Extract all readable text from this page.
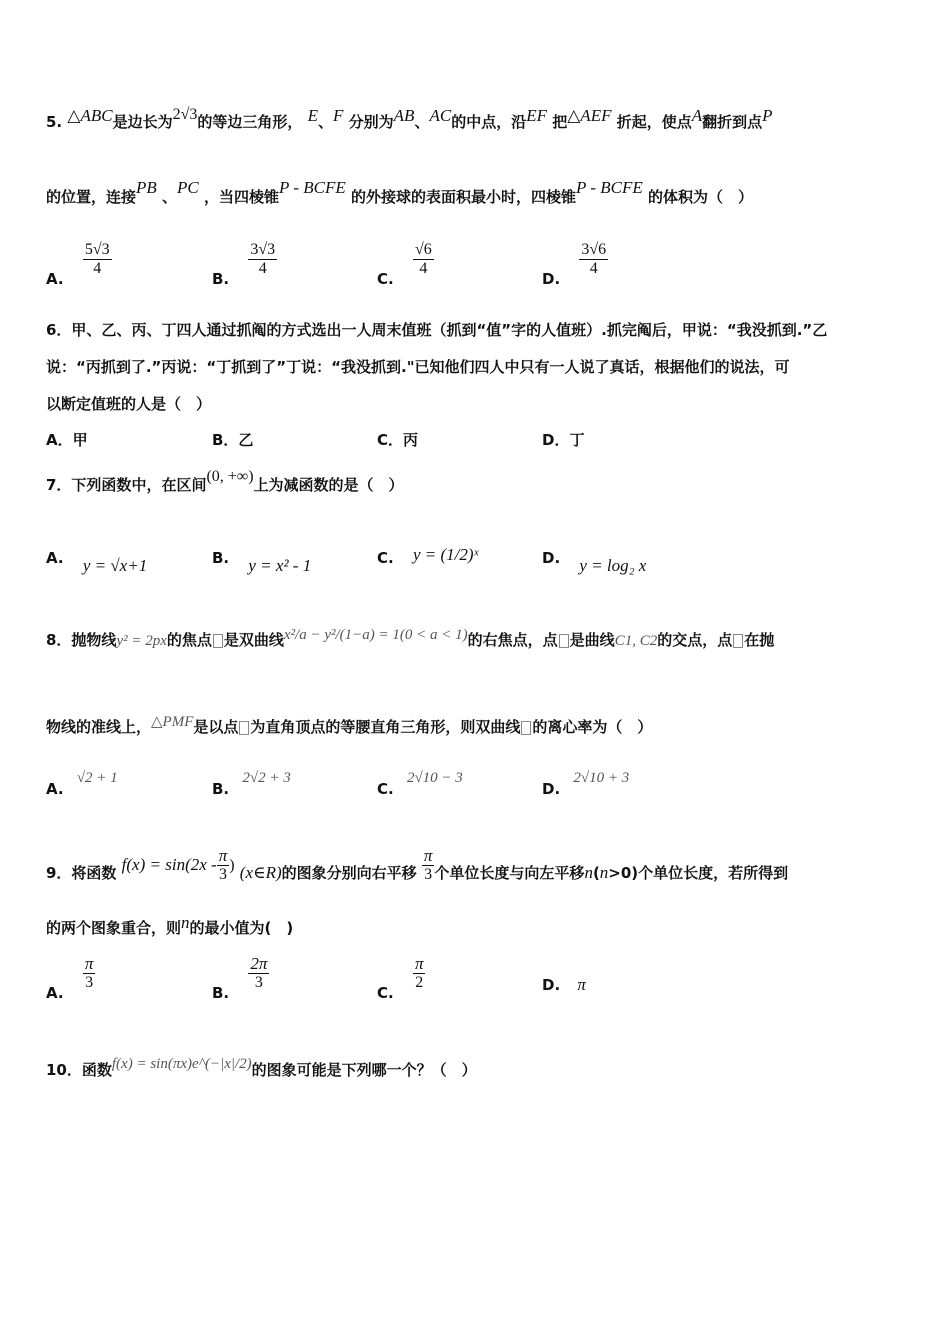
5. △ABC是边长为2√3的等边三角形， E、F 分别为AB、AC的中点，沿EF 把△AEF 折起，使点A翻折到点P
的位置，连接PB 、PC ，当四棱锥P - BCFE 的外接球的表面积最小时，四棱锥P - BCFE 的体积为（　）
A.
$\frac{5√3}{4}$
B.
$\frac{3√3}{4}$
C.
$\frac{√6}{4}$
D.
$\frac{3√6}{4}$
6．甲、乙、丙、丁四人通过抓阄的方式选出一人周末值班（抓到“值”字的人值班）.抓完阄后，甲说：“我没抓到.”乙
说：“丙抓到了.”丙说：“丁抓到了”丁说：“我没抓到."已知他们四人中只有一人说了真话，根据他们的说法，可
以断定值班的人是（　）
A．甲	B．乙	C．丙	D．丁
7．下列函数中，在区间(0, +∞)上为减函数的是（　）
A. y = √x+1	B. y = x² - 1	C. y = (1/2)ˣ	D. y = log₂ x
8．抛物线y² = 2px的焦点 是双曲线x²/a − y²/(1−a) = 1(0 < a < 1)的右焦点，点 是曲线C1, C2的交点，点 在抛
物线的准线上，△PMF是以点 为直角顶点的等腰直角三角形，则双曲线 的离心率为（　）
A. √2 + 1
B. 2√2 + 3
C. 2√10 − 3
D. 2√10 + 3
9．将函数 $f(x) = \sin(2x - \frac{\pi}{3}$ ) (x∈R)的图象分别向右平移 $\frac{\pi}{3}$ 个单位长度与向左平移n(n>0)个单位长度，若所得到
的两个图象重合，则n的最小值为(　)
A.
$\frac{\pi}{3}$
B.
$\frac{2\pi}{3}$
C.
$\frac{\pi}{2}$	D. π
10．函数f(x) = sin(πx)e^(−|x|/2)的图象可能是下列哪一个？（　）
